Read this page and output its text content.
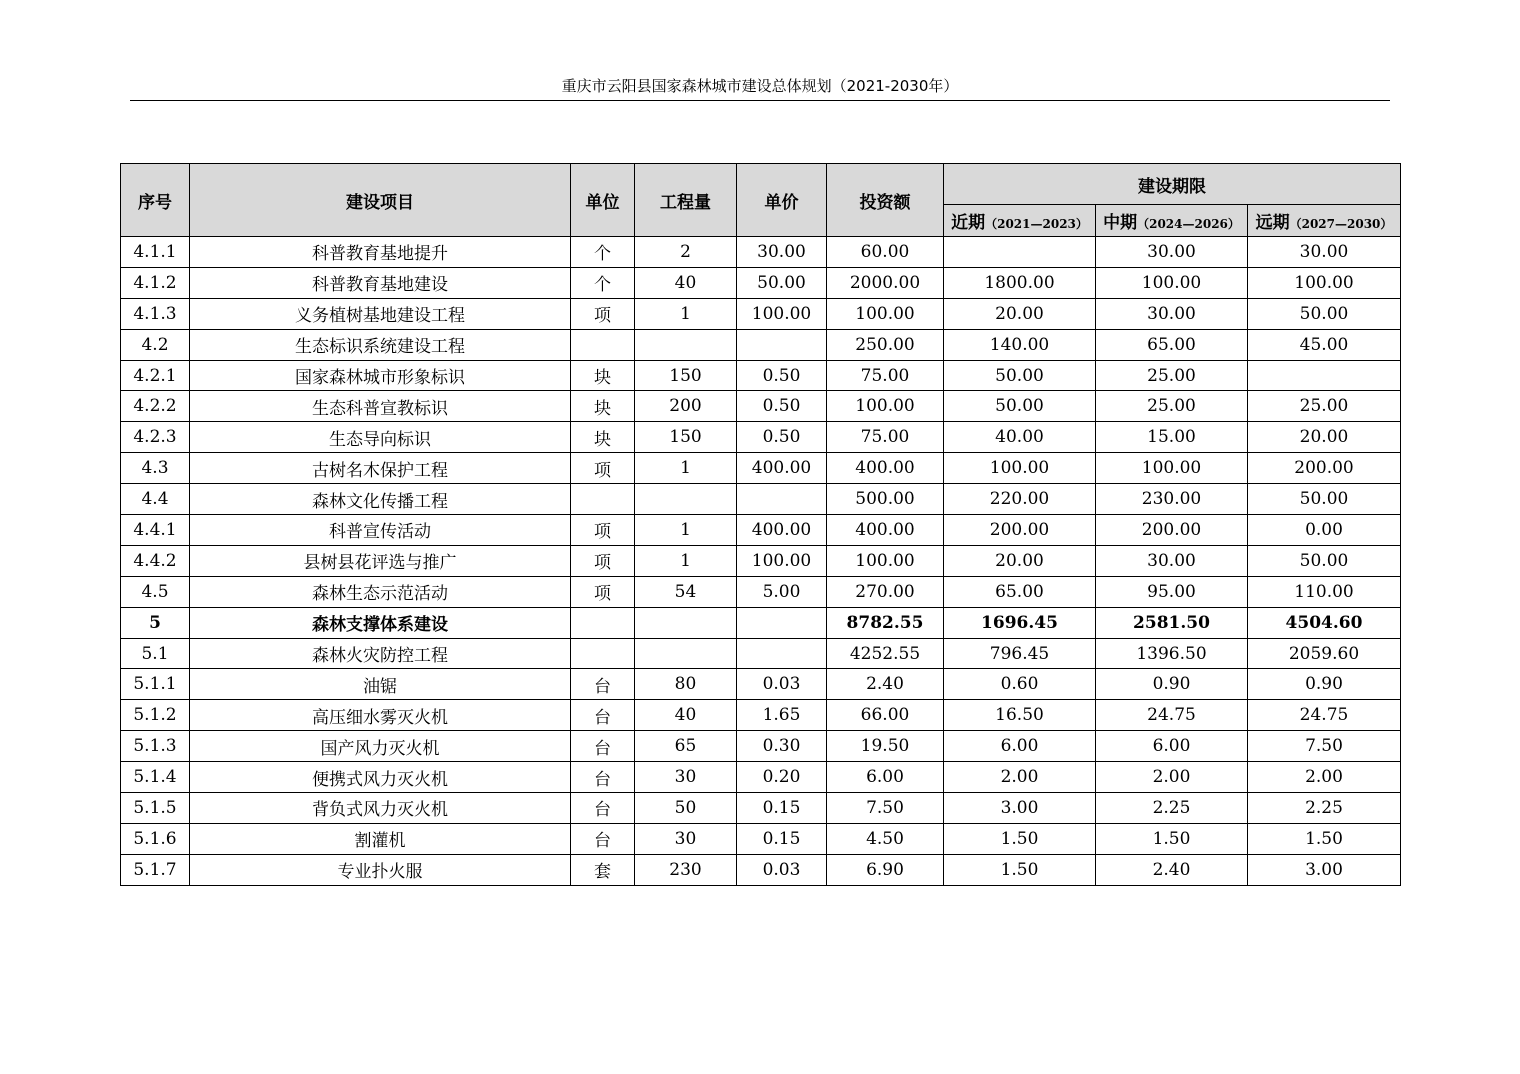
重庆市云阳县国家森林城市建设总体规划（2021-2030年）
序号	建设项目	单位	工程量	单价	投资额	建设期限		
						近期（2021—2023）	中期（2024—2026）	远期（2027—2030）
4.1.1	科普教育基地提升	个	2	30.00	60.00		30.00	30.00
4.1.2	科普教育基地建设	个	40	50.00	2000.00	1800.00	100.00	100.00
4.1.3	义务植树基地建设工程	项	1	100.00	100.00	20.00	30.00	50.00
4.2	生态标识系统建设工程				250.00	140.00	65.00	45.00
4.2.1	国家森林城市形象标识	块	150	0.50	75.00	50.00	25.00	
4.2.2	生态科普宣教标识	块	200	0.50	100.00	50.00	25.00	25.00
4.2.3	生态导向标识	块	150	0.50	75.00	40.00	15.00	20.00
4.3	古树名木保护工程	项	1	400.00	400.00	100.00	100.00	200.00
4.4	森林文化传播工程				500.00	220.00	230.00	50.00
4.4.1	科普宣传活动	项	1	400.00	400.00	200.00	200.00	0.00
4.4.2	县树县花评选与推广	项	1	100.00	100.00	20.00	30.00	50.00
4.5	森林生态示范活动	项	54	5.00	270.00	65.00	95.00	110.00
5	森林支撑体系建设				8782.55	1696.45	2581.50	4504.60
5.1	森林火灾防控工程				4252.55	796.45	1396.50	2059.60
5.1.1	油锯	台	80	0.03	2.40	0.60	0.90	0.90
5.1.2	高压细水雾灭火机	台	40	1.65	66.00	16.50	24.75	24.75
5.1.3	国产风力灭火机	台	65	0.30	19.50	6.00	6.00	7.50
5.1.4	便携式风力灭火机	台	30	0.20	6.00	2.00	2.00	2.00
5.1.5	背负式风力灭火机	台	50	0.15	7.50	3.00	2.25	2.25
5.1.6	割灌机	台	30	0.15	4.50	1.50	1.50	1.50
5.1.7	专业扑火服	套	230	0.03	6.90	1.50	2.40	3.00
